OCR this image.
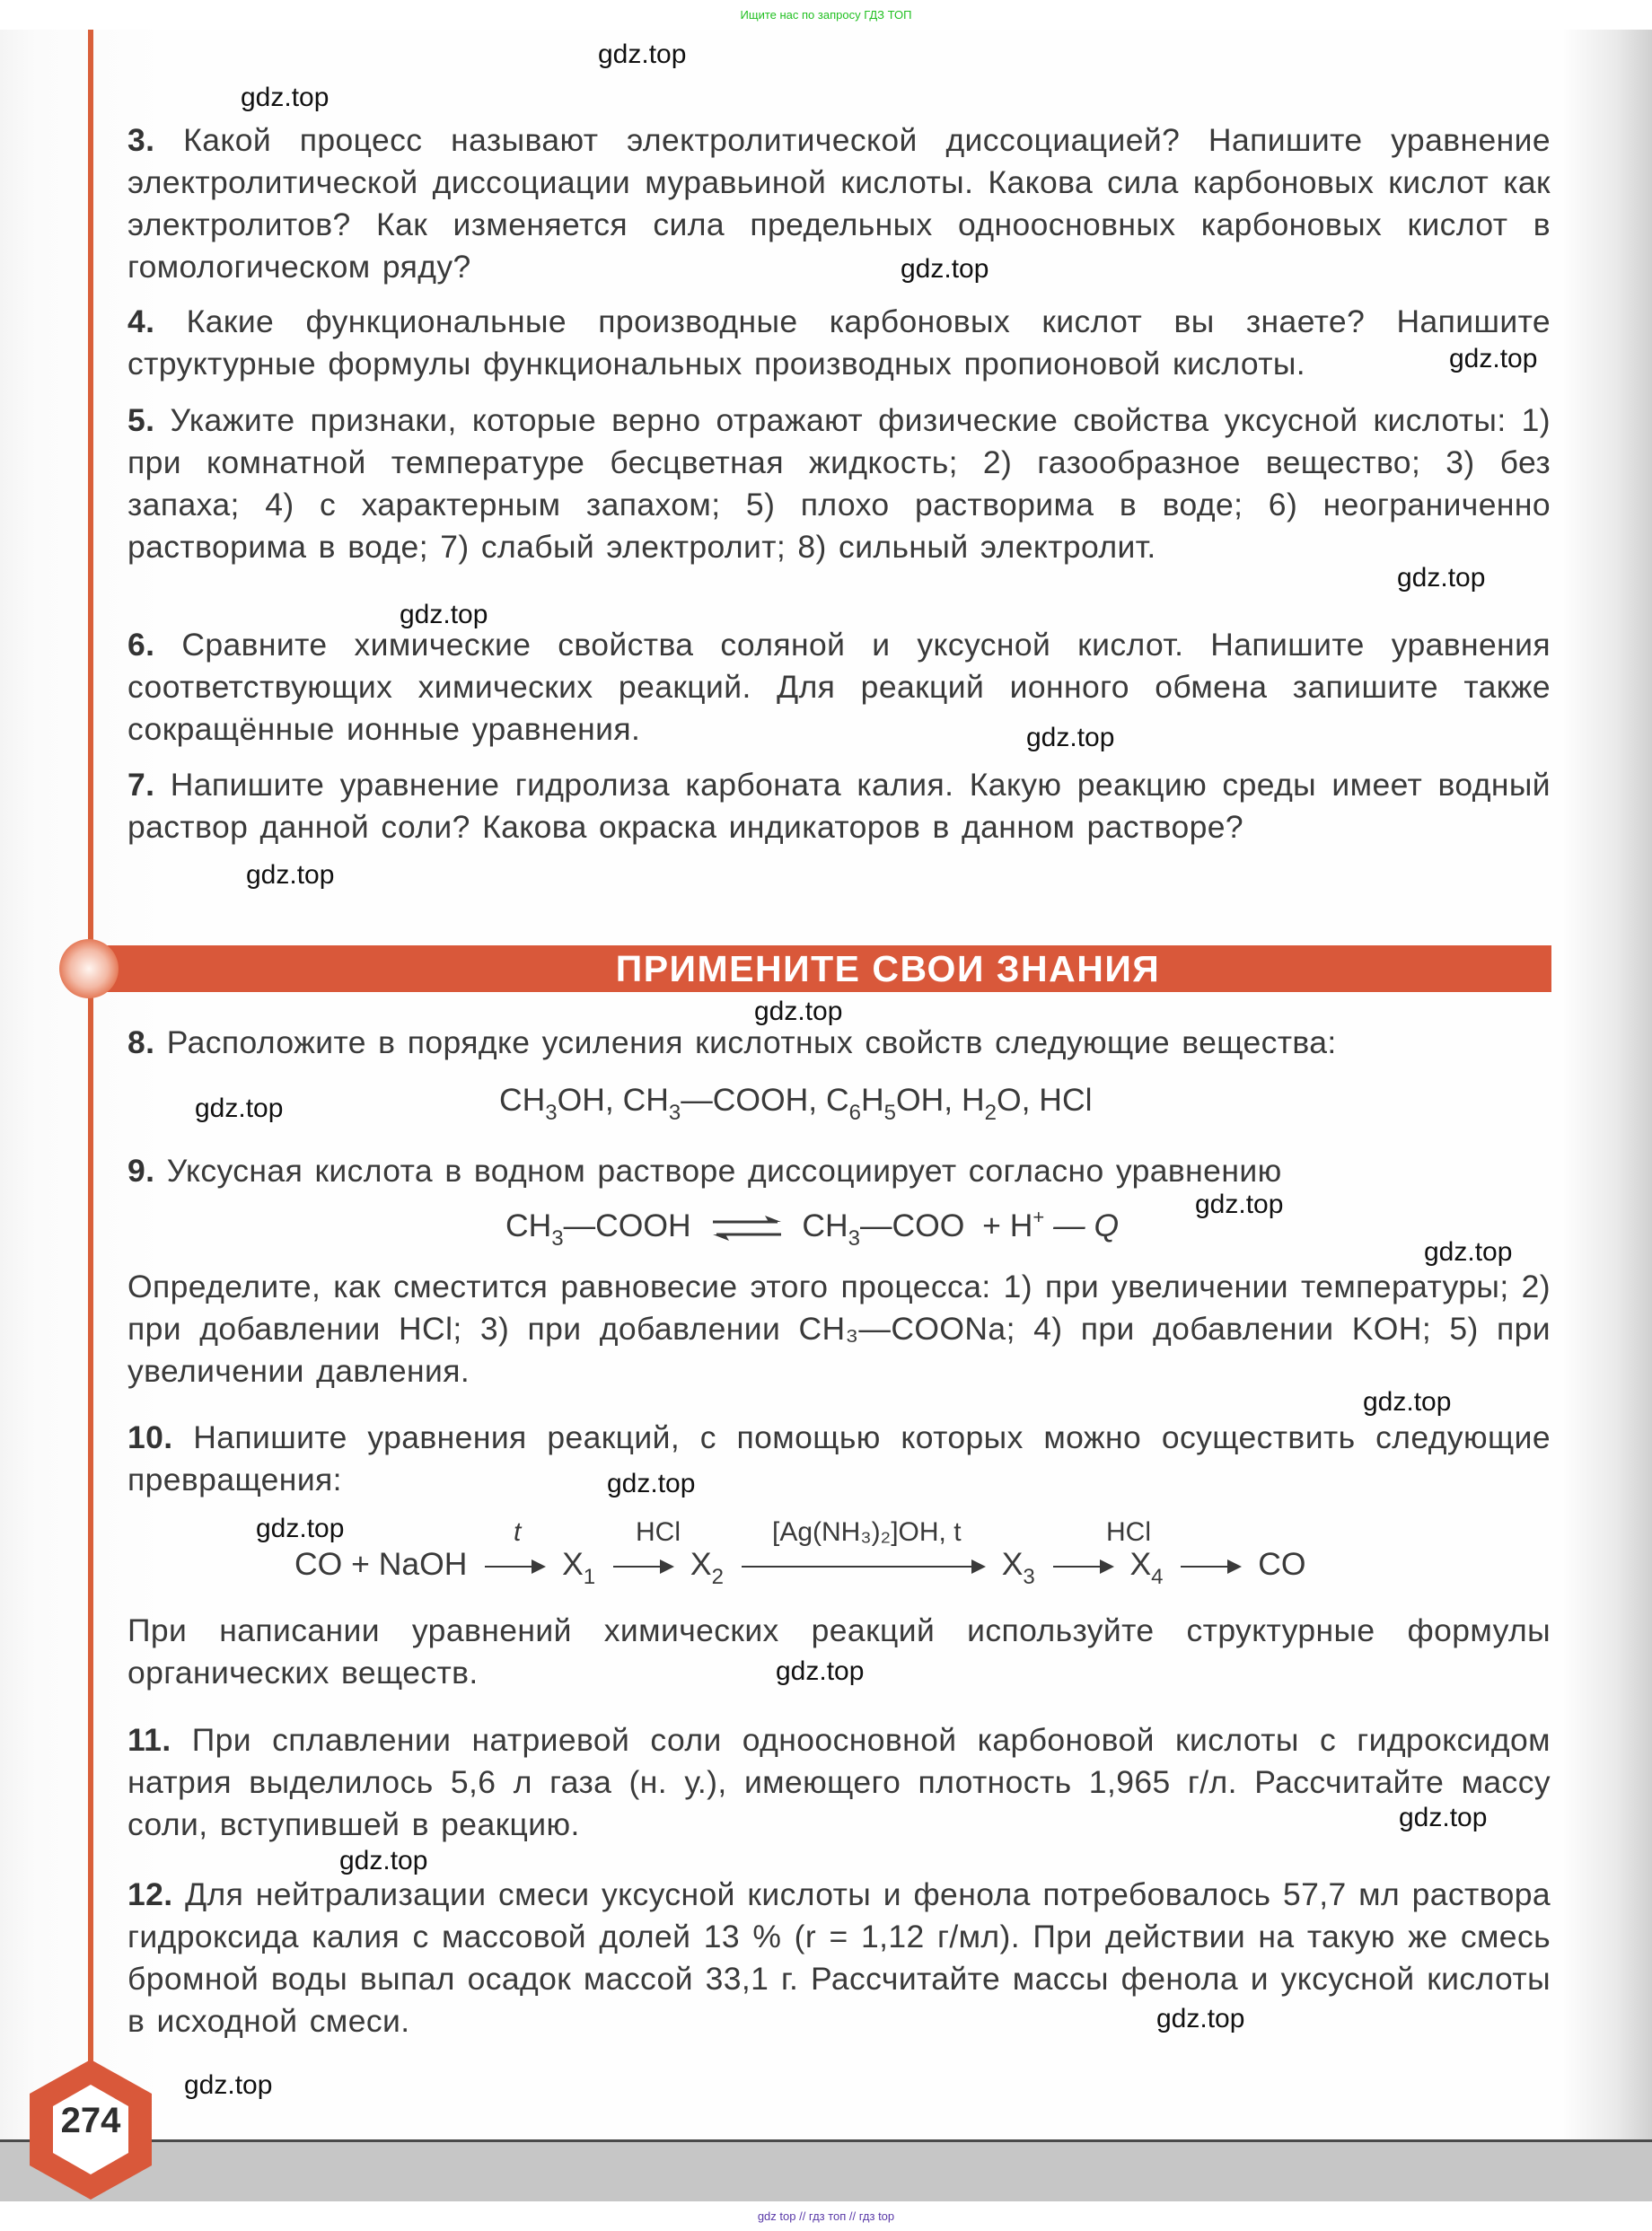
Ищите нас по запросу ГДЗ ТОП
3. Какой процесс называют электролитической диссоциацией? Напишите уравнение электролитической диссоциации муравьиной кислоты. Какова сила карбоновых кислот как электролитов? Как изменяется сила предельных одноосновных карбоновых кислот в гомологическом ряду?
4. Какие функциональные производные карбоновых кислот вы знаете? Напишите структурные формулы функциональных производных пропионовой кислоты.
5. Укажите признаки, которые верно отражают физические свойства уксусной кислоты: 1) при комнатной температуре бесцветная жидкость; 2) газообразное вещество; 3) без запаха; 4) с характерным запахом; 5) плохо растворима в воде; 6) неограниченно растворима в воде; 7) слабый электролит; 8) сильный электролит.
6. Сравните химические свойства соляной и уксусной кислот. Напишите уравнения соответствующих химических реакций. Для реакций ионного обмена запишите также сокращённые ионные уравнения.
7. Напишите уравнение гидролиза карбоната калия. Какую реакцию среды имеет водный раствор данной соли? Какова окраска индикаторов в данном растворе?
ПРИМЕНИТЕ СВОИ ЗНАНИЯ
8. Расположите в порядке усиления кислотных свойств следующие вещества:
$CH_3OH$, $CH_3—COOH$, $C_6H_5OH$, $H_2O$, HCl
9. Уксусная кислота в водном растворе диссоциирует согласно уравнению
$CH_3—COOH$ ⇌ $CH_3—COO + H^+$ — Q
Определите, как сместится равновесие этого процесса: 1) при увеличении температуры; 2) при добавлении HCl; 3) при добавлении CH₃—COONa; 4) при добавлении KOH; 5) при увеличении давления.
10. Напишите уравнения реакций, с помощью которых можно осуществить следующие превращения:
CO + NaOH → $X_1 \to X_2$	$X_3 \to X_4$ → CO
t	HCl	[Ag(NH₃)₂]OH, t	HCl
При написании уравнений химических реакций используйте структурные формулы органических веществ.
11. При сплавлении натриевой соли одноосновной карбоновой кислоты с гидроксидом натрия выделилось 5,6 л газа (н. у.), имеющего плотность 1,965 г/л. Рассчитайте массу соли, вступившей в реакцию.
12. Для нейтрализации смеси уксусной кислоты и фенола потребовалось 57,7 мл раствора гидроксида калия с массовой долей 13 % (r = 1,12 г/мл). При действии на такую же смесь бромной воды выпал осадок массой 33,1 г. Рассчитайте массы фенола и уксусной кислоты в исходной смеси.
gdz.top
gdz.top
gdz.top
gdz.top
gdz.top
gdz.top
gdz.top
gdz.top
gdz.top
gdz.top
gdz.top
gdz.top
gdz.top
gdz.top
gdz.top
gdz.top
gdz.top
gdz.top
gdz.top
gdz.top
274
gdz top // гдз топ // гдз top
